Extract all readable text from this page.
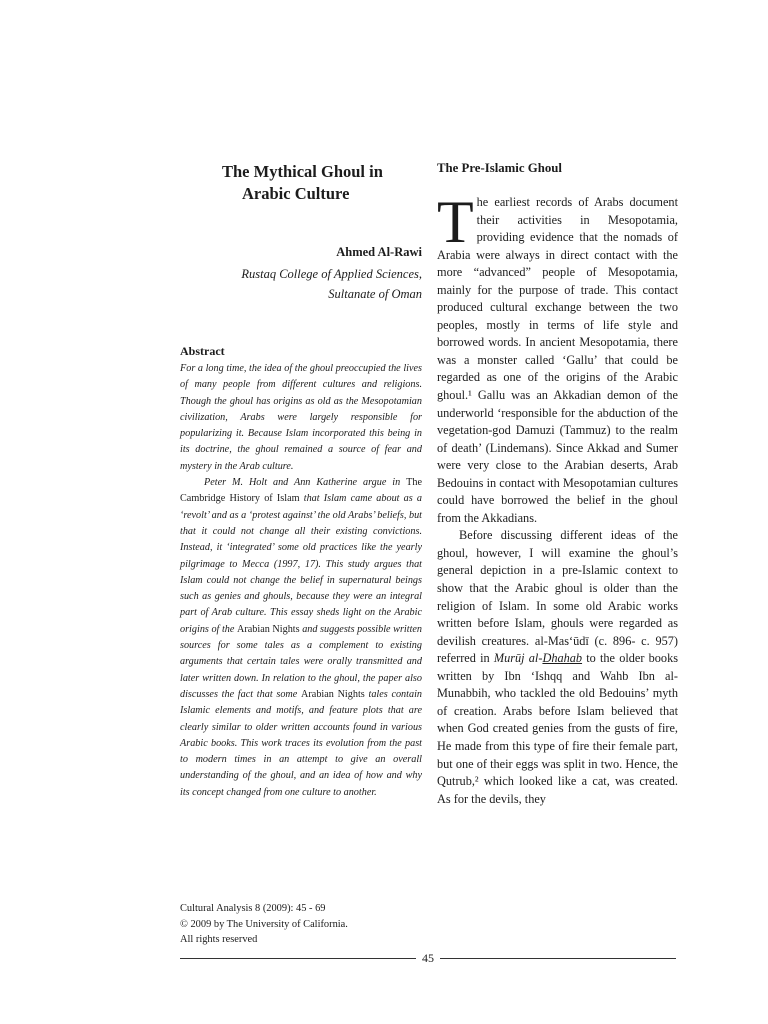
The Mythical Ghoul in
Arabic Culture
Ahmed Al-Rawi
Rustaq College of Applied Sciences,
Sultanate of Oman
Abstract

For a long time, the idea of the ghoul preoccupied the lives of many people from different cultures and religions. Though the ghoul has origins as old as the Mesopotamian civilization, Arabs were largely responsible for popularizing it. Because Islam incorporated this being in its doctrine, the ghoul remained a source of fear and mystery in the Arab culture.

Peter M. Holt and Ann Katherine argue in The Cambridge History of Islam that Islam came about as a ‘revolt’ and as a ‘protest against’ the old Arabs’ beliefs, but that it could not change all their existing convictions. Instead, it ‘integrated’ some old practices like the yearly pilgrimage to Mecca (1997, 17). This study argues that Islam could not change the belief in supernatural beings such as genies and ghouls, because they were an integral part of Arab culture. This essay sheds light on the Arabic origins of the Arabian Nights and suggests possible written sources for some tales as a complement to existing arguments that certain tales were orally transmitted and later written down. In relation to the ghoul, the paper also discusses the fact that some Arabian Nights tales contain Islamic elements and motifs, and feature plots that are clearly similar to older written accounts found in various Arabic books. This work traces its evolution from the past to modern times in an attempt to give an overall understanding of the ghoul, and an idea of how and why its concept changed from one culture to another.

Cultural Analysis 8 (2009): 45 - 69
© 2009 by The University of California.
All rights reserved
The Pre-Islamic Ghoul

The earliest records of Arabs document their activities in Mesopotamia, providing evidence that the nomads of Arabia were always in direct contact with the more “advanced” people of Mesopotamia, mainly for the purpose of trade. This contact produced cultural exchange between the two peoples, mostly in terms of life style and borrowed words. In ancient Mesopotamia, there was a monster called ‘Gallu’ that could be regarded as one of the origins of the Arabic ghoul.¹ Gallu was an Akkadian demon of the underworld ‘responsible for the abduction of the vegetation-god Damuzi (Tammuz) to the realm of death’ (Lindemans). Since Akkad and Sumer were very close to the Arabian deserts, Arab Bedouins in contact with Mesopotamian cultures could have borrowed the belief in the ghoul from the Akkadians.

Before discussing different ideas of the ghoul, however, I will examine the ghoul’s general depiction in a pre-Islamic context to show that the Arabic ghoul is older than the religion of Islam. In some old Arabic works written before Islam, ghouls were regarded as devilish creatures. al-Mas‘ūdī (c. 896- c. 957) referred in Murūj al-Dhahab to the older books written by Ibn ‘Ishqq and Wahb Ibn al-Munabbih, who tackled the old Bedouins’ myth of creation. Arabs before Islam believed that when God created genies from the gusts of fire, He made from this type of fire their female part, but one of their eggs was split in two. Hence, the Qutrub,² which looked like a cat, was created. As for the devils, they

45
